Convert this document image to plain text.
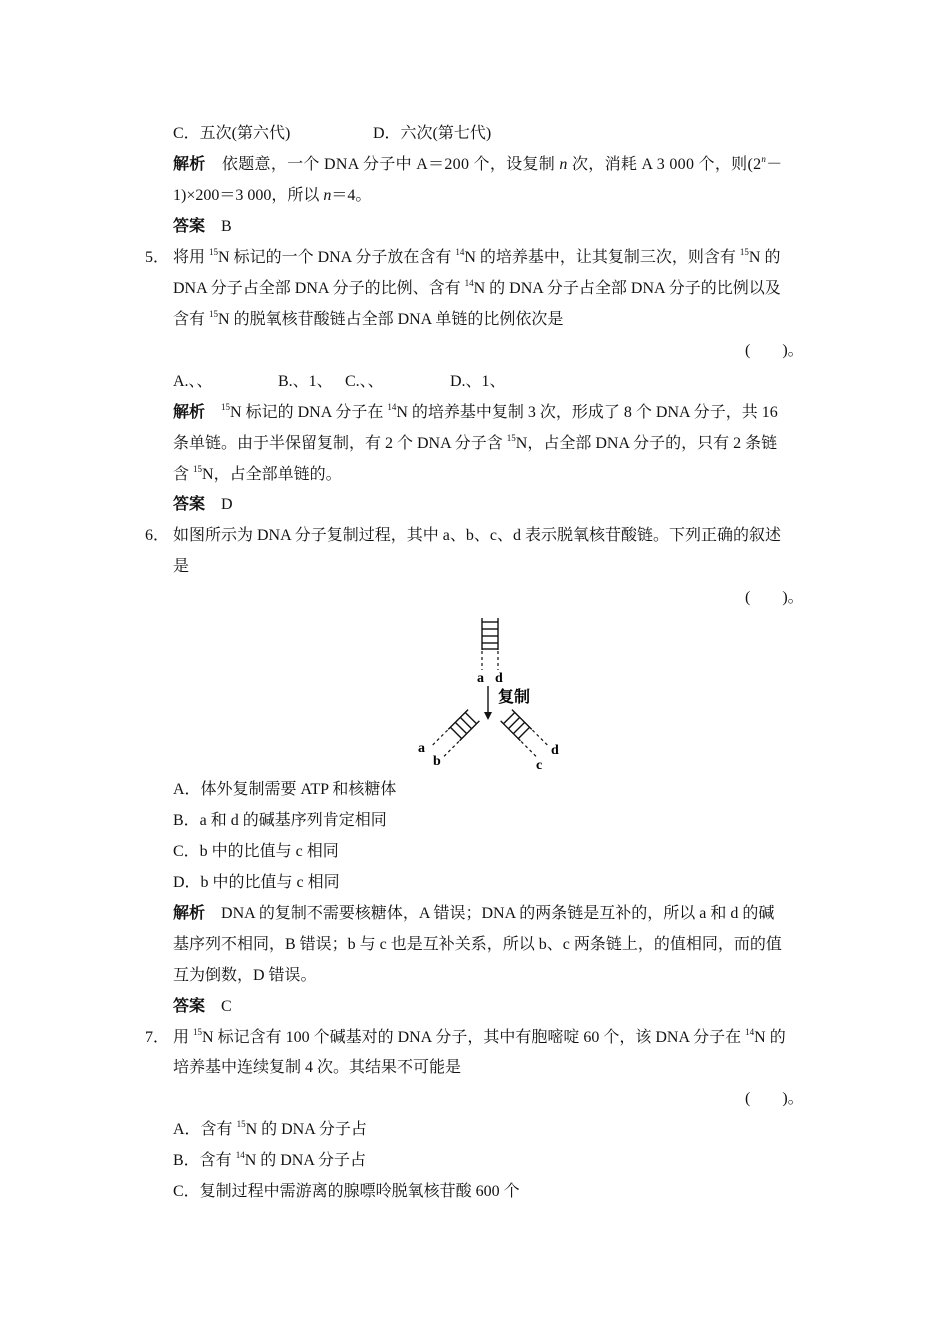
C．五次(第六代)	D．六次(第七代)
解析　 依题意，一个 DNA 分子中 A＝200 个，设复制 n 次，消耗 A 3 000 个，则($2^n-$
1)×200＝3 000，所以 n＝4。
答案　 B
5． 将用 $^{15}$N 标记的一个 DNA 分子放在含有 $^{14}$N 的培养基中，让其复制三次，则含有 $^{15}$N 的
DNA 分子占全部 DNA 分子的比例、含有 $^{14}$N 的 DNA 分子占全部 DNA 分子的比例以及
含有 $^{15}$N 的脱氧核苷酸链占全部 DNA 单链的比例依次是
(　　)。
A.、、	B.、1、 C.、、	D.、1、
解析　 $^{15}$N 标记的 DNA 分子在 $^{14}$N 的培养基中复制 3 次，形成了 8 个 DNA 分子，共 16
条单链。由于半保留复制，有 2 个 DNA 分子含 $^{15}$N，占全部 DNA 分子的，只有 2 条链
含 $^{15}$N，占全部单链的。
答案　 D
6． 如图所示为 DNA 分子复制过程，其中 a、b、c、d 表示脱氧核苷酸链。下列正确的叙述
是
(　　)。
a d
复制
a
b	c
d
A．体外复制需要 ATP 和核糖体
B．a 和 d 的碱基序列肯定相同
C．b 中的比值与 c 相同
D．b 中的比值与 c 相同
解析　 DNA 的复制不需要核糖体，A 错误；DNA 的两条链是互补的，所以 a 和 d 的碱
基序列不相同，B 错误；b 与 c 也是互补关系，所以 b、c 两条链上，的值相同，而的值
互为倒数，D 错误。
答案　 C
7． 用 $^{15}$N 标记含有 100 个碱基对的 DNA 分子，其中有胞嘧啶 60 个，该 DNA 分子在 $^{14}$N 的
培养基中连续复制 4 次。其结果不可能是
(　　)。
A．含有 $^{15}$N 的 DNA 分子占
B．含有 $^{14}$N 的 DNA 分子占
C．复制过程中需游离的腺嘌呤脱氧核苷酸 600 个
